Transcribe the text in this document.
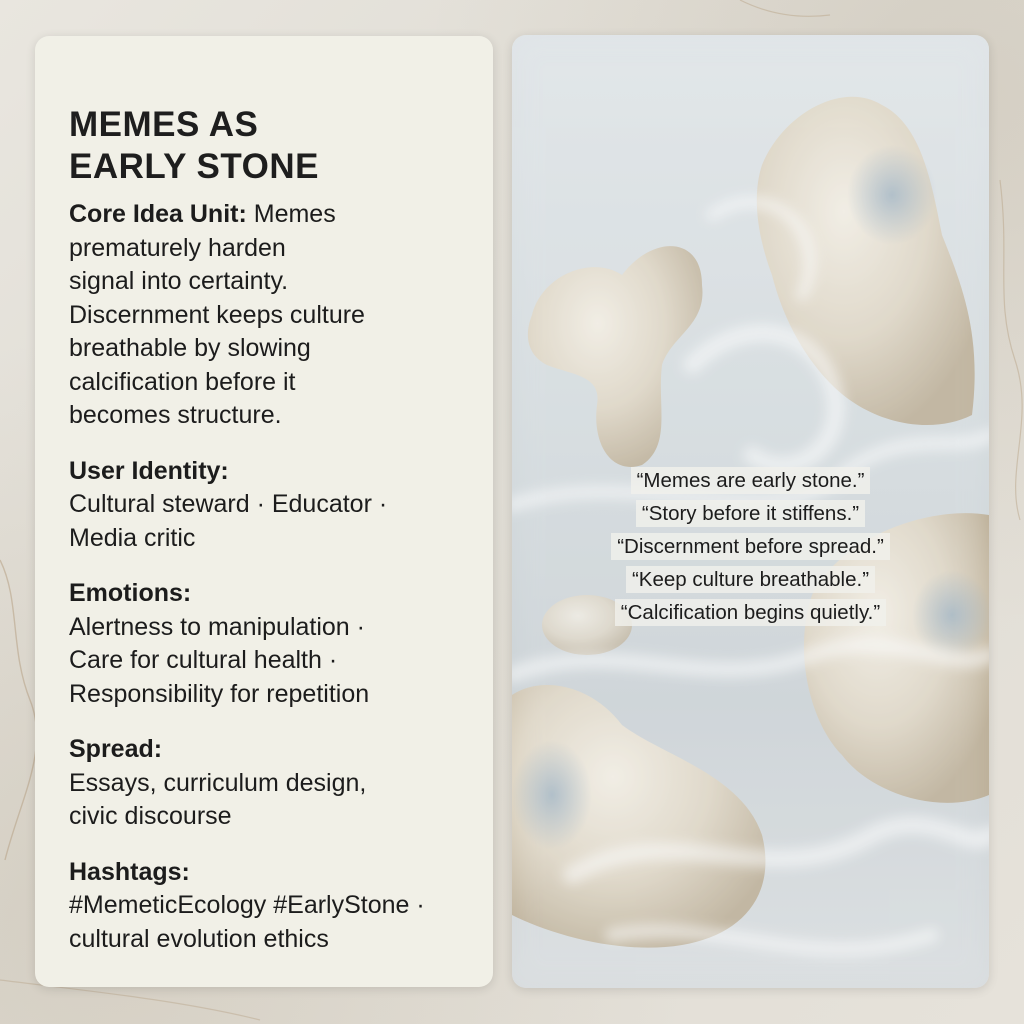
MEMES AS
EARLY STONE
Core Idea Unit: Memes
prematurely harden
signal into certainty.
Discernment keeps culture
breathable by slowing
calcification before it
becomes structure.
User Identity:
Cultural steward · Educator ·
Media critic
Emotions:
Alertness to manipulation ·
Care for cultural health ·
Responsibility for repetition
Spread:
Essays, curriculum design,
civic discourse
Hashtags:
#MemeticEcology #EarlyStone ·
cultural evolution ethics
“Memes are early stone.”
“Story before it stiffens.”
“Discernment before spread.”
“Keep culture breathable.”
“Calcification begins quietly.”
